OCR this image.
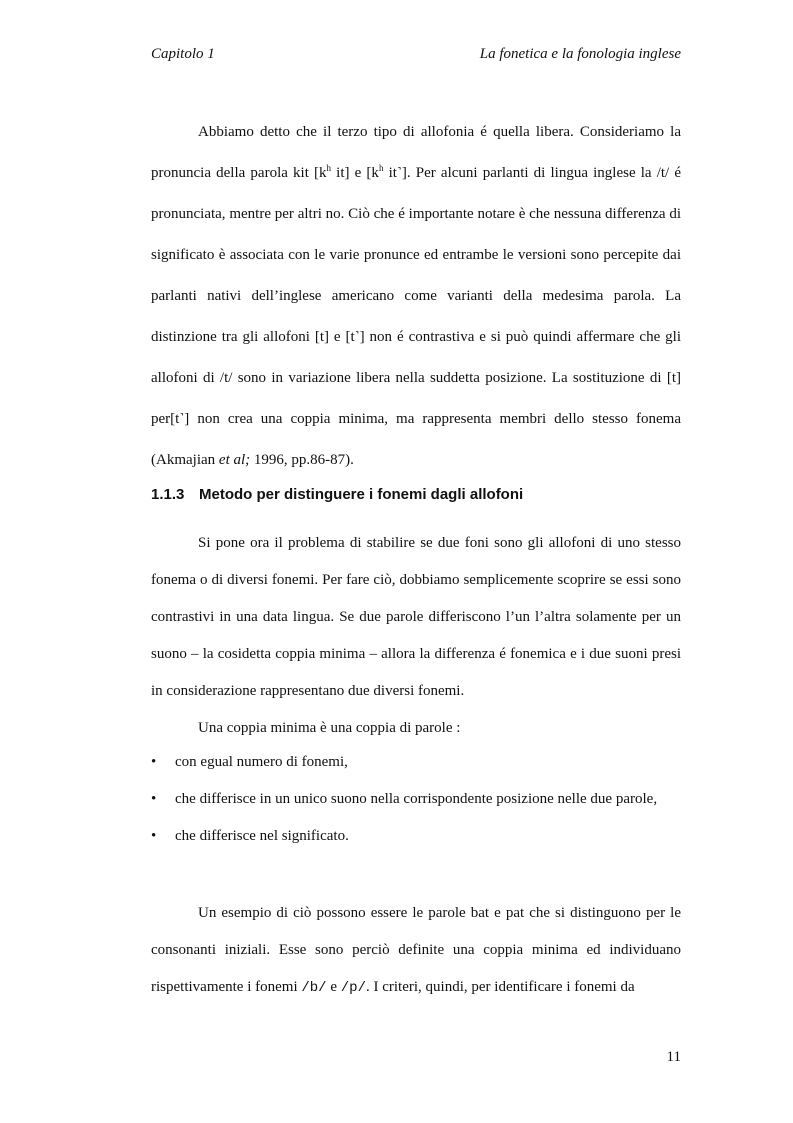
Capitolo 1	La fonetica e la fonologia inglese

Abbiamo detto che il terzo tipo di allofonia é quella libera. Consideriamo la pronuncia della parola kit [$k^h$ it] e [$k^h$ it˺]. Per alcuni parlanti di lingua inglese la /t/ é pronunciata, mentre per altri no. Ciò che é importante notare è che nessuna differenza di significato è associata con le varie pronunce ed entrambe le versioni sono percepite dai parlanti nativi dell’inglese americano come varianti della medesima parola. La distinzione tra gli allofoni [t] e [t˺] non é contrastiva e si può quindi affermare che gli allofoni di /t/ sono in variazione libera nella suddetta posizione. La sostituzione di [t] per[t˺] non crea una coppia minima, ma rappresenta membri dello stesso fonema (Akmajian et al; 1996, pp.86-87).

1.1.3 Metodo per distinguere i fonemi dagli allofoni

Si pone ora il problema di stabilire se due foni sono gli allofoni di uno stesso fonema o di diversi fonemi. Per fare ciò, dobbiamo semplicemente scoprire se essi sono contrastivi in una data lingua. Se due parole differiscono l’un l’altra solamente per un suono – la cosidetta coppia minima – allora la differenza é fonemica e i due suoni presi in considerazione rappresentano due diversi fonemi.

Una coppia minima è una coppia di parole :

•	con egual numero di fonemi,
•	che differisce in un unico suono nella corrispondente posizione nelle due parole,
•	che differisce nel significato.

Un esempio di ciò possono essere le parole bat e pat che si distinguono per le consonanti iniziali. Esse sono perciò definite una coppia minima ed individuano rispettivamente i fonemi /b/ e /p/. I criteri, quindi, per identificare i fonemi da

11
